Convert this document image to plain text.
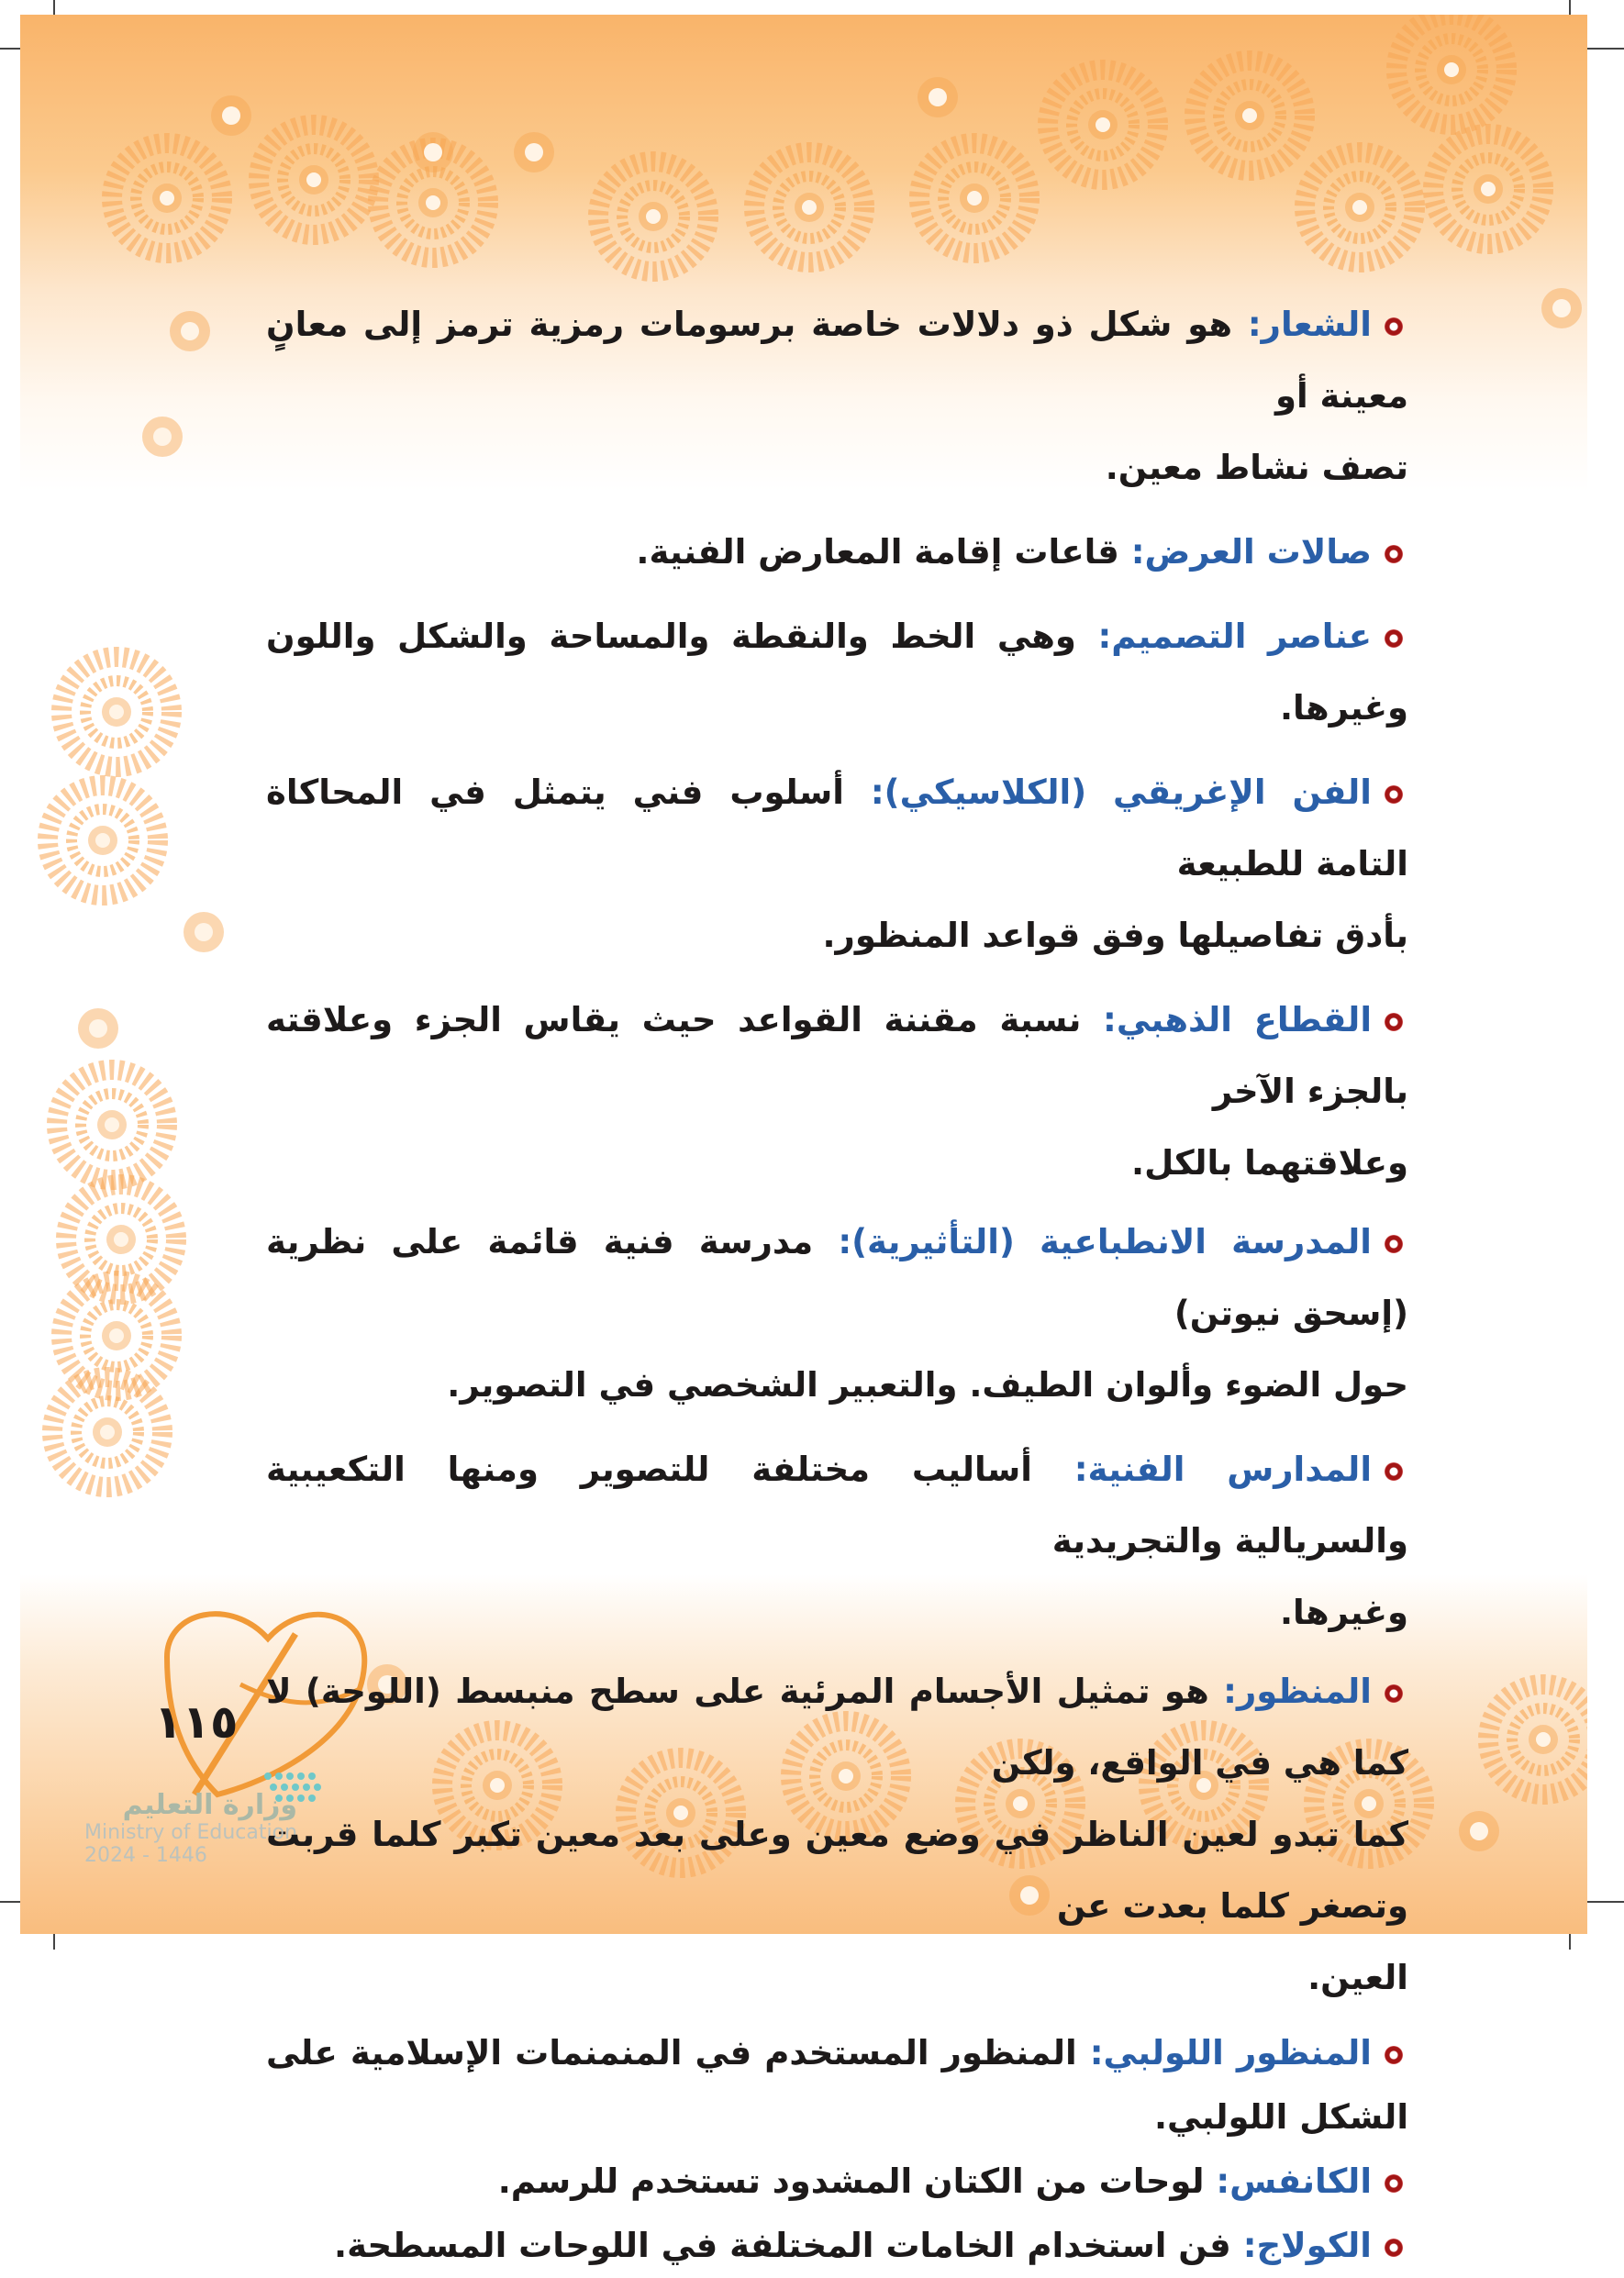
١١٥
وزارة التعليم
Ministry of Education
2024 - 1446

الشعار: هو شكل ذو دلالات خاصة برسومات رمزية ترمز إلى معانٍ معينة أو

تصف نشاط معين.

صالات العرض: قاعات إقامة المعارض الفنية.

عناصر التصميم: وهي الخط والنقطة والمساحة والشكل واللون وغيرها.

الفن الإغريقي (الكلاسيكي): أسلوب فني يتمثل في المحاكاة التامة للطبيعة

بأدق تفاصيلها وفق قواعد المنظور.

القطاع الذهبي: نسبة مقننة القواعد حيث يقاس الجزء وعلاقته بالجزء الآخر

وعلاقتهما بالكل.

المدرسة الانطباعية (التأثيرية): مدرسة فنية قائمة على نظرية (إسحق نيوتن)

حول الضوء وألوان الطيف. والتعبير الشخصي في التصوير.

المدارس الفنية: أساليب مختلفة للتصوير ومنها التكعيبية والسريالية والتجريدية

وغيرها.

المنظور: هو تمثيل الأجسام المرئية على سطح منبسط (اللوحة) لا كما هي في الواقع، ولكن

كما تبدو لعين الناظر في وضع معين وعلى بعد معين تكبر كلما قربت وتصغر كلما بعدت عن

العين.

المنظور اللولبي: المنظور المستخدم في المنمنمات الإسلامية على الشكل اللولبي.

الكانفس: لوحات من الكتان المشدود تستخدم للرسم.

الكولاج: فن استخدام الخامات المختلفة في اللوحات المسطحة.
